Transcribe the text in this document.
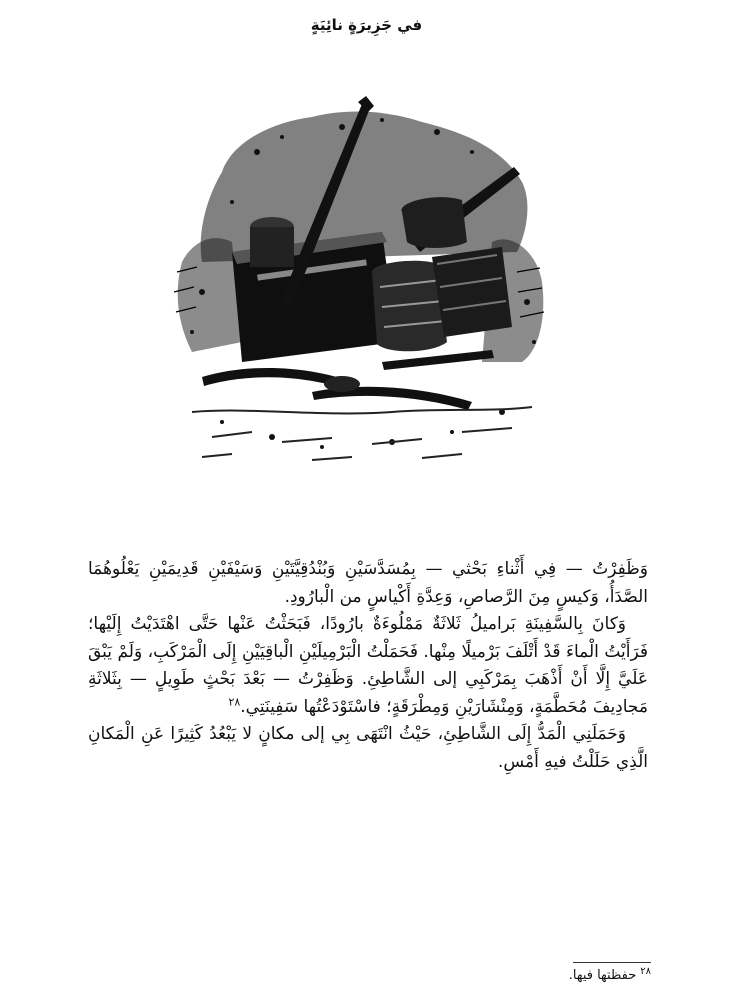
في جَزِيرَةٍ نائِيَةٍ

وَظَفِرْتُ — فِي أَثْناءِ بَحْثي — بِمُسَدَّسَيْنِ وَبُنْدُقِيَّتَيْنِ وَسَيْفَيْنِ قَدِيمَيْنِ يَعْلُوهُمَا الصَّدَأُ، وَكيسٍ مِنَ الرَّصاصِ، وَعِدَّةِ أَكْياسٍ من الْبارُودِ.

وَكانَ بِالسَّفِينَةِ بَراميلُ ثَلاثَةٌ مَمْلُوءَةٌ بارُودًا، فَبَحَثْتُ عَنْها حَتَّى اهْتَدَيْتُ إِلَيْها؛ فَرَأَيْتُ الْماءَ قَدْ أَتْلَفَ بَرْميلًا مِنْها. فَحَمَلْتُ الْبَرْمِيلَيْنِ الْباقِيَيْنِ إِلَى الْمَرْكَبِ، وَلَمْ يَبْقَ عَلَيَّ إِلَّا أَنْ أَذْهَبَ بِمَرْكَبِي إلى الشَّاطِئِ. وَظَفِرْتُ — بَعْدَ بَحْثٍ طَوِيلٍ — بِثَلاثَةِ مَجادِيفَ مُحَطَّمَةٍ، وَمِنْشَارَيْنِ وَمِطْرَقَةٍ؛ فاسْتَوْدَعْتُها سَفِينَتِي.$^{٢٨}$

وَحَمَلَنِي الْمَدُّ إِلَى الشَّاطِئِ، حَيْثُ انْتَهَى بِي إلى مكانٍ لا يَبْعُدُ كَثِيرًا عَنِ الْمَكانِ الَّذِي حَلَلْتُ فيهِ أَمْسِ.

$^{٢٨}$حفظتها فيها.
